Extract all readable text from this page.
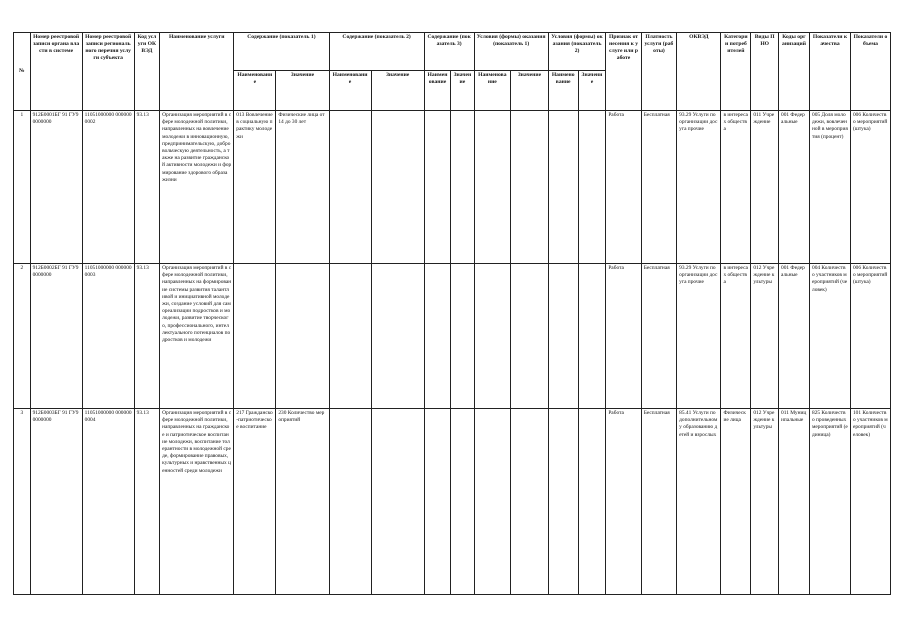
№	Номер реестровой записи органа власти в системе	Номер реестровой записи регионального перечня услуги субъекта	Код услуги ОКВЭД	Наименование услуги	Содержание (показатель 1)		Содержание (показатель 2)		Содержание (показатель 3)		Условия (формы) оказания (показатель 1)		Условия (формы) оказания (показатель 2)		Признак отнесения к услуге или работе	Платность услуги (работы)	ОКВЭД	Категории потребителей	Виды ПНО	Коды организаций	Показатели качества	Показатели объема
					Наименование	Значение	Наименование	Значение	Наименование	Значение	Наименование	Значение	Наименование	Значение								
1	912Б0001БГ 91 ГУ90000000	11051000000 0000000002	93.13	Организация мероприятий в сфере молодежной политики, направленных на вовлечение молодежи в инновационную, предпринимательскую, добровольческую деятельность, а также на развитие гражданской активности молодежи и формирование здорового образа жизни	013 Вовлечение в социальную практику молодежи	Физические лица от 14 до 30 лет									Работа	Бесплатная	93.29 Услуги по организации досуга прочие	в интересах общества	011 Учреждение	001 Федеральные	005 Доля молодежи, вовлеченной в мероприятия (процент)	006 Количество мероприятий (штука)
2	912Б0002БГ 91 ГУ90000000	11051000000 0000000003	93.13	Организация мероприятий в сфере молодежной политики, направленных на формирование системы развития талантливой и инициативной молодежи, создание условий для самореализации подростков и молодежи, развитие творческого, профессионального, интеллектуального потенциалов подростков и молодежи											Работа	Бесплатная	93.29 Услуги по организации досуга прочие	в интересах общества	012 Учреждение культуры	001 Федеральные	004 Количество участников мероприятий (человек)	006 Количество мероприятий (штука)
3	912Б0003БГ 91 ГУ90000000	11051000000 0000000004	93.13	Организация мероприятий в сфере молодежной политики, направленных на гражданское и патриотическое воспитание молодежи, воспитание толерантности в молодежной среде, формирование правовых, культурных и нравственных ценностей среди молодежи	217 Гражданско-патриотическое воспитание	230 Количество мероприятий									Работа	Бесплатная	85.41 Услуги по дополнительному образованию детей и взрослых	Физические лица	012 Учреждение культуры	011 Муниципальные	825 Количество проведенных мероприятий (единица)	101 Количество участников мероприятий (человек)
